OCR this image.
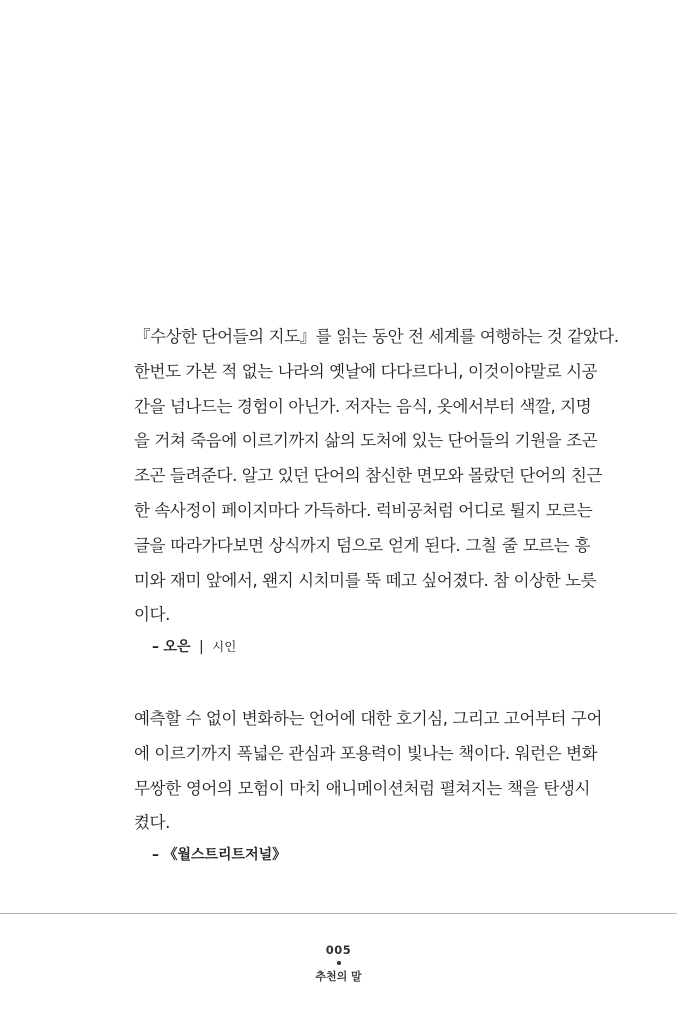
『수상한 단어들의 지도』를 읽는 동안 전 세계를 여행하는 것 같았다.
한번도 가본 적 없는 나라의 옛날에 다다르다니, 이것이야말로 시공
간을 넘나드는 경험이 아닌가. 저자는 음식, 옷에서부터 색깔, 지명
을 거쳐 죽음에 이르기까지 삶의 도처에 있는 단어들의 기원을 조곤
조곤 들려준다. 알고 있던 단어의 참신한 면모와 몰랐던 단어의 친근
한 속사정이 페이지마다 가득하다. 럭비공처럼 어디로 튈지 모르는
글을 따라가다보면 상식까지 덤으로 얻게 된다. 그칠 줄 모르는 흥
미와 재미 앞에서, 왠지 시치미를 뚝 떼고 싶어졌다. 참 이상한 노릇
이다.

– 오은 | 시인

예측할 수 없이 변화하는 언어에 대한 호기심, 그리고 고어부터 구어
에 이르기까지 폭넓은 관심과 포용력이 빛나는 책이다. 워런은 변화
무쌍한 영어의 모험이 마치 애니메이션처럼 펼쳐지는 책을 탄생시
켰다.

– 《월스트리트저널》
005
추천의 말
